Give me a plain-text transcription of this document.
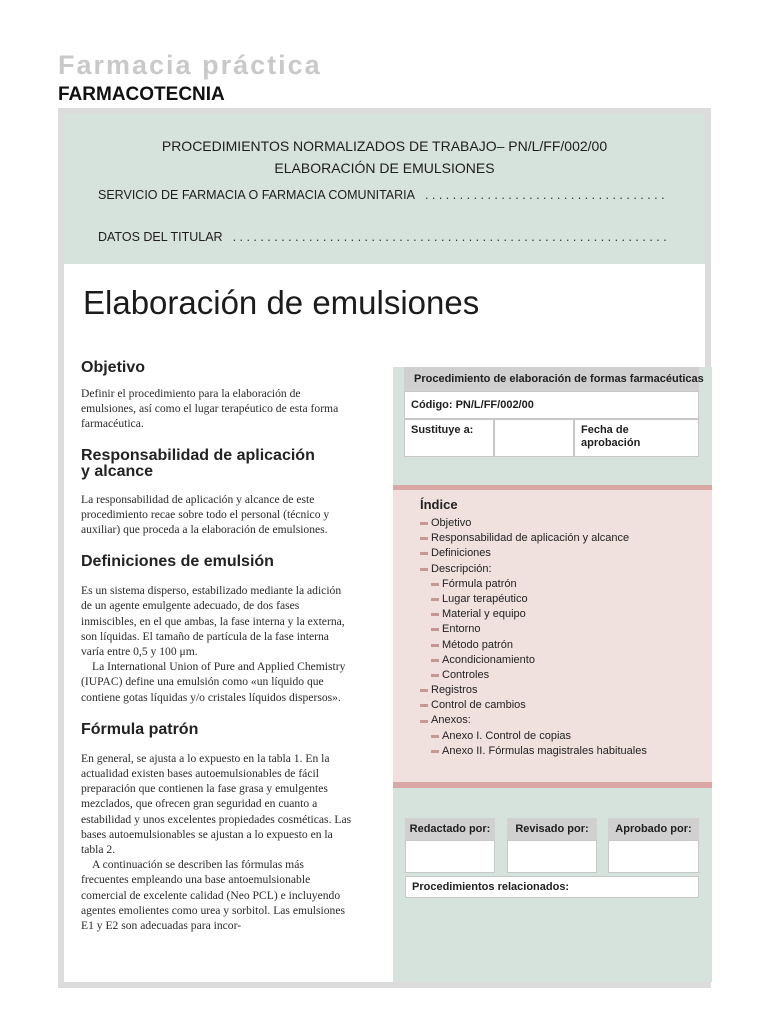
Farmacia práctica
FARMACOTECNIA
PROCEDIMIENTOS NORMALIZADOS DE TRABAJO– PN/L/FF/002/00
ELABORACIÓN DE EMULSIONES
SERVICIO DE FARMACIA O FARMACIA COMUNITARIA
. . .
DATOS DEL TITULAR
. . .
Elaboración de emulsiones
Procedimiento de elaboración de formas farmacéuticas
Código: PN/L/FF/002/00
Sustituye a:	Fecha de aprobación
Índice
Objetivo
Responsabilidad de aplicación y alcance
Definiciones
Descripción:
Fórmula patrón
Lugar terapéutico
Material y equipo
Entorno
Método patrón
Acondicionamiento
Controles
Registros
Control de cambios
Anexos:
Anexo I. Control de copias
Anexo II. Fórmulas magistrales habituales
Redactado por:	Revisado por:	Aprobado por:
Procedimientos relacionados:
Objetivo

Definir el procedimiento para la elaboración de emulsiones, así como el lugar terapéutico de esta forma farmacéutica.

Responsabilidad de aplicación
y alcance

La responsabilidad de aplicación y alcance de este procedimiento recae sobre todo el personal (técnico y auxiliar) que proceda a la elaboración de emulsiones.

Definiciones de emulsión

Es un sistema disperso, estabilizado mediante la adición de un agente emulgente adecuado, de dos fases inmiscibles, en el que ambas, la fase interna y la externa, son líquidas. El tamaño de partícula de la fase interna varía entre 0,5 y 100 μm.

La International Union of Pure and Applied Chemistry (IUPAC) define una emulsión como «un líquido que contiene gotas líquidas y/o cristales líquidos dispersos».

Fórmula patrón

En general, se ajusta a lo expuesto en la tabla 1. En la actualidad existen bases autoemulsionables de fácil preparación que contienen la fase grasa y emulgentes mezclados, que ofrecen gran seguridad en cuanto a estabilidad y unos excelentes propiedades cosméticas. Las bases autoemulsionables se ajustan a lo expuesto en la tabla 2.

A continuación se describen las fórmulas más frecuentes empleando una base antoemulsionable comercial de excelente calidad (Neo PCL) e incluyendo agentes emolientes como urea y sorbitol. Las emulsiones E1 y E2 son adecuadas para incor-
